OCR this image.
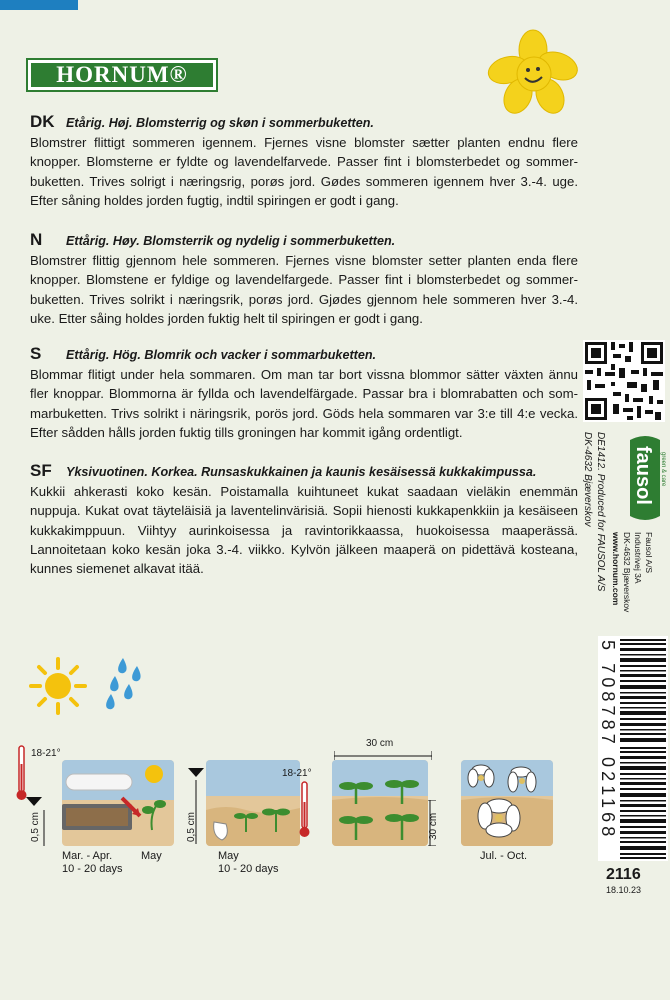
HORNUM®
DK Etårig. Høj. Blomsterrig og skøn i sommerbuketten.

Blomstrer flittigt sommeren igennem. Fjernes visne blomster sætter planten endnu flere knopper. Blomsterne er fyldte og lavendelfarvede. Passer fint i blomsterbedet og sommerbuketten. Trives solrigt i næringsrig, porøs jord. Gødes sommeren igennem hver 3.-4. uge. Efter såning holdes jorden fugtig, indtil spiringen er godt i gang.

N Ettårig. Høy. Blomsterrik og nydelig i sommerbuketten.

Blomstrer flittig gjennom hele sommeren. Fjernes visne blomster setter planten enda flere knopper. Blomstene er fyldige og lavendelfargede. Passer fint i blomsterbedet og sommerbuketten. Trives solrikt i næringsrik, porøs jord. Gjødes gjennom hele sommeren hver 3.-4. uke. Etter såing holdes jorden fuktig helt til spiringen er godt i gang.

S Ettårig. Hög. Blomrik och vacker i sommarbuketten.

Blommar flitigt under hela sommaren. Om man tar bort vissna blommor sätter växten ännu fler knoppar. Blommorna är fyllda och lavendelfärgade. Passar bra i blomrabatten och sommarbuketten. Trivs solrikt i näringsrik, porös jord. Göds hela sommaren var 3:e till 4:e vecka. Efter sådden hålls jorden fuktig tills groningen har kommit igång ordentligt.

SF Yksivuotinen. Korkea. Runsaskukkainen ja kaunis kesäisessä kukkakimpussa.

Kukkii ahkerasti koko kesän. Poistamalla kuihtuneet kukat saadaan vieläkin enemmän nuppuja. Kukat ovat täyteläisiä ja laventelinvärisiä. Sopii hienosti kukkapenkkiin ja kesäiseen kukkakimppuun. Viihtyy aurinkoisessa ja ravintorikkaassa, huokoisessa maaperässä. Lannoitetaan koko kesän joka 3.-4. viikko. Kylvön jälkeen maaperä on pidettävä kosteana, kunnes siemenet alkavat itää.	DE1412. Produced for FAUSOL A/S
DK-4632 Bjæverskov fausol green & care
Fausol A/S
Industrivej 3A
DK-4632 Bjæverskov
www.hornum.com
5 708787 021168
2116
18.10.23
18-21°
0,5 cm
Mar. - Apr.
10 - 20 days
May
0,5 cm
18-21°
May
10 - 20 days
30 cm
30 cm
Jul. - Oct.
